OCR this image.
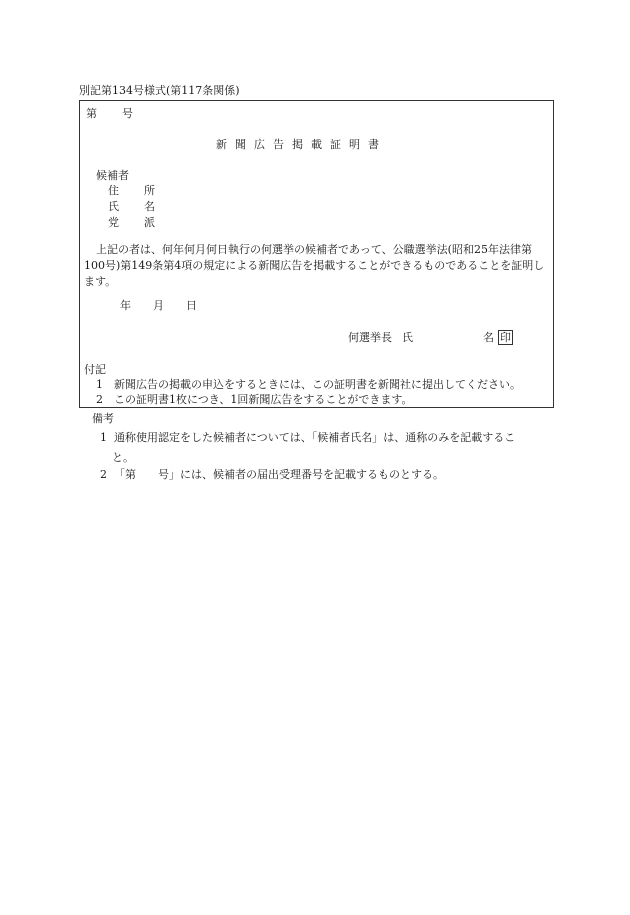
別記第134号様式(第117条関係)
第 号
新 聞 広 告 掲 載 証 明 書
候補者
住 所
氏 名
党 派
上記の者は、何年何月何日執行の何選挙の候補者であって、公職選挙法(昭和25年法律第100号)第149条第4項の規定による新聞広告を掲載することができるものであることを証明します。
年 月 日
何選挙長 氏	名 印
付記
1 新聞広告の掲載の申込をするときには、この証明書を新聞社に提出してください。
2 この証明書1枚につき、1回新聞広告をすることができます。
備考
1 通称使用認定をした候補者については、「候補者氏名」は、通称のみを記載するこ
と。
2 「第　　号」には、候補者の届出受理番号を記載するものとする。
